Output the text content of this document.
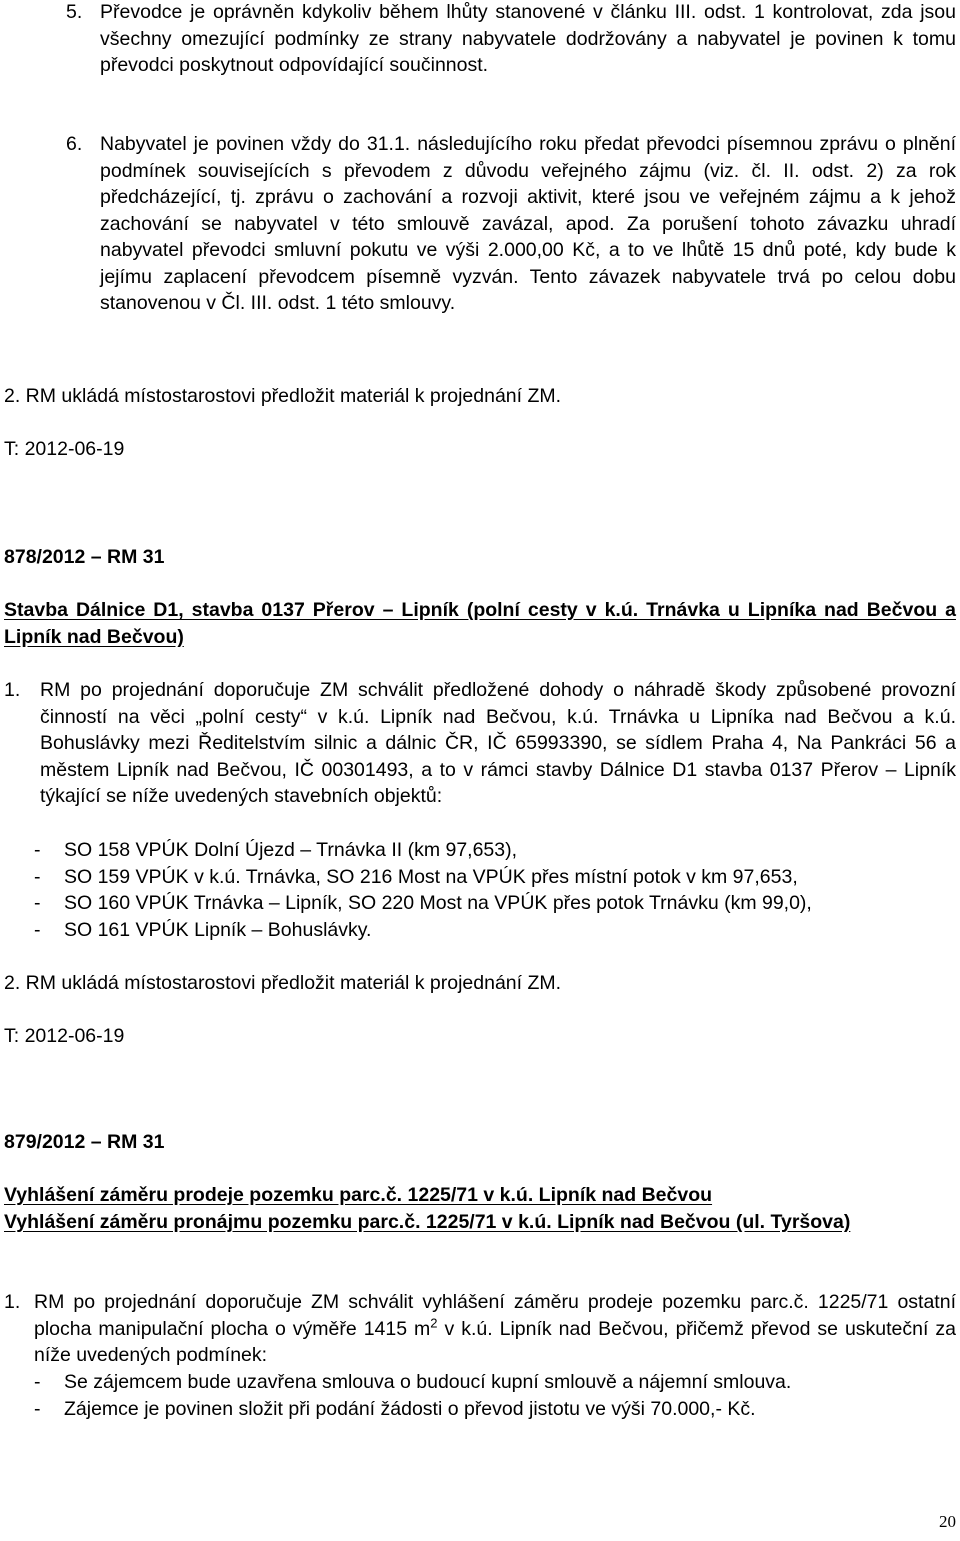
5. Převodce je oprávněn kdykoliv během lhůty stanovené v článku III. odst. 1 kontrolovat, zda jsou všechny omezující podmínky ze strany nabyvatele dodržovány a nabyvatel je povinen k tomu převodci poskytnout odpovídající součinnost.

6. Nabyvatel je povinen vždy do 31.1. následujícího roku předat převodci písemnou zprávu o plnění podmínek souvisejících s převodem z důvodu veřejného zájmu (viz. čl. II. odst. 2) za rok předcházející, tj. zprávu o zachování a rozvoji aktivit, které jsou ve veřejném zájmu a k jehož zachování se nabyvatel v této smlouvě zavázal, apod. Za porušení tohoto závazku uhradí nabyvatel převodci smluvní pokutu ve výši 2.000,00 Kč, a to ve lhůtě 15 dnů poté, kdy bude k jejímu zaplacení převodcem písemně vyzván. Tento závazek nabyvatele trvá po celou dobu stanovenou v Čl. III. odst. 1 této smlouvy.

2. RM ukládá místostarostovi předložit materiál k projednání ZM.

T: 2012-06-19

878/2012 – RM 31

Stavba Dálnice D1, stavba 0137 Přerov – Lipník (polní cesty v k.ú. Trnávka u Lipníka nad Bečvou a Lipník nad Bečvou)

1. RM po projednání doporučuje ZM schválit předložené dohody o náhradě škody způsobené provozní činností na věci „polní cesty“ v k.ú. Lipník nad Bečvou, k.ú. Trnávka u Lipníka nad Bečvou a k.ú. Bohuslávky mezi Ředitelstvím silnic a dálnic ČR, IČ 65993390, se sídlem Praha 4, Na Pankráci 56 a městem Lipník nad Bečvou, IČ 00301493, a to v rámci stavby Dálnice D1 stavba 0137 Přerov – Lipník týkající se níže uvedených stavebních objektů:

- SO 158 VPÚK Dolní Újezd – Trnávka II (km 97,653),
- SO 159 VPÚK v k.ú. Trnávka, SO 216 Most na VPÚK přes místní potok v km 97,653,
- SO 160 VPÚK Trnávka – Lipník, SO 220 Most na VPÚK přes potok Trnávku (km 99,0),
- SO 161 VPÚK Lipník – Bohuslávky.

2. RM ukládá místostarostovi předložit materiál k projednání ZM.

T: 2012-06-19

879/2012 – RM 31

Vyhlášení záměru prodeje pozemku parc.č. 1225/71 v k.ú. Lipník nad Bečvou

Vyhlášení záměru pronájmu pozemku parc.č. 1225/71 v k.ú. Lipník nad Bečvou (ul. Tyršova)

1. RM po projednání doporučuje ZM schválit vyhlášení záměru prodeje pozemku parc.č. 1225/71 ostatní plocha manipulační plocha o výměře 1415 $m^2$ v k.ú. Lipník nad Bečvou, přičemž převod se uskuteční za níže uvedených podmínek:

- Se zájemcem bude uzavřena smlouva o budoucí kupní smlouvě a nájemní smlouva.
- Zájemce je povinen složit při podání žádosti o převod jistotu ve výši 70.000,- Kč.
20
